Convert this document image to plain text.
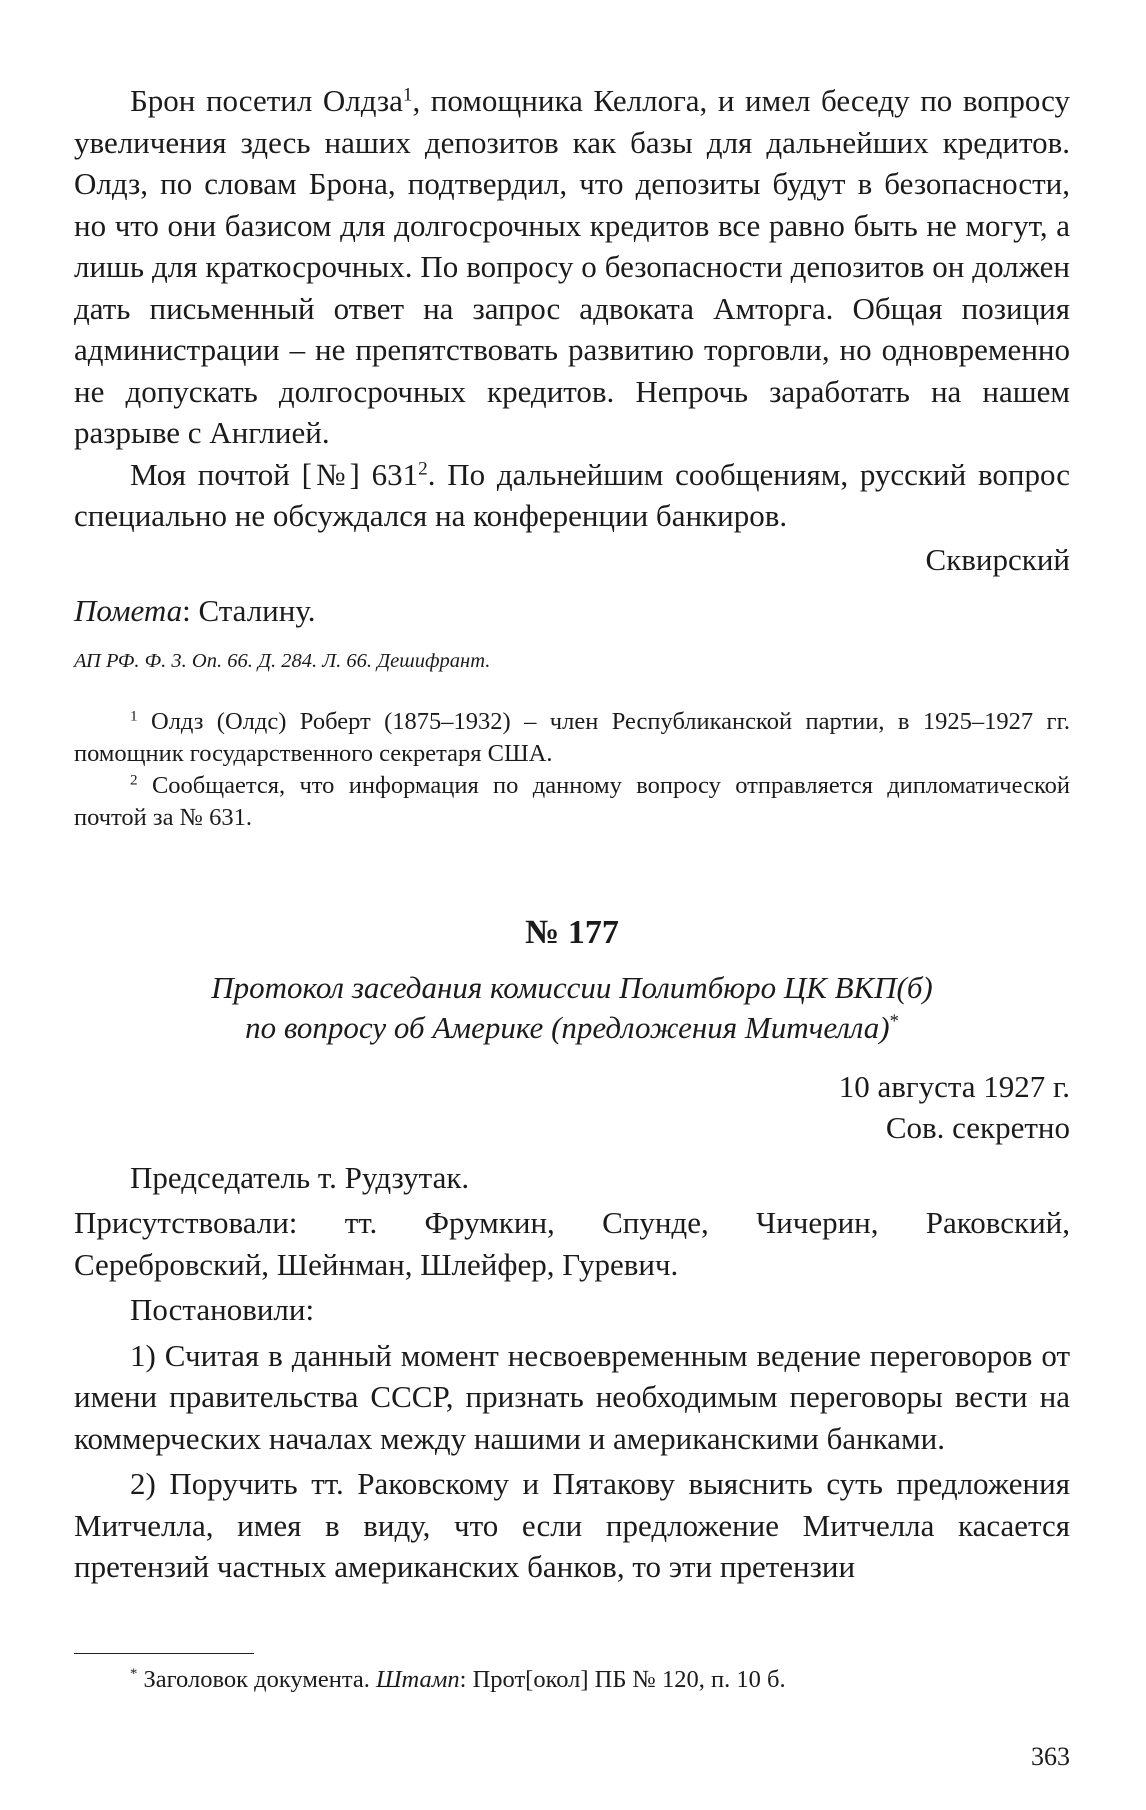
Брон посетил Олдза$^1$, помощника Келлога, и имел беседу по вопросу увеличения здесь наших депозитов как базы для дальнейших кредитов. Олдз, по словам Брона, подтвердил, что депозиты будут в безопасности, но что они базисом для долгосрочных кредитов все равно быть не могут, а лишь для краткосрочных. По вопросу о безопасности депозитов он должен дать письменный ответ на запрос адвоката Амторга. Общая позиция администрации – не препятствовать развитию торговли, но одновременно не допускать долгосрочных кредитов. Непрочь заработать на нашем разрыве с Англией.

Моя почтой [№] $631^2$. По дальнейшим сообщениям, русский вопрос специально не обсуждался на конференции банкиров.

Сквирский

Помета: Сталину.

АП РФ. Ф. 3. Оп. 66. Д. 284. Л. 66. Дешифрант.

$^1$ Олдз (Олдс) Роберт (1875–1932) – член Республиканской партии, в 1925–1927 гг. помощник государственного секретаря США.

$^2$ Сообщается, что информация по данному вопросу отправляется дипломатической почтой за № 631.

№ 177

Протокол заседания комиссии Политбюро ЦК ВКП(б)
по вопросу об Америке (предложения Митчелла)*

10 августа 1927 г.

Сов. секретно

Председатель т. Рудзутак.

Присутствовали: тт. Фрумкин, Спунде, Чичерин, Раковский, Серебровский, Шейнман, Шлейфер, Гуревич.

Постановили:

1) Считая в данный момент несвоевременным ведение переговоров от имени правительства СССР, признать необходимым переговоры вести на коммерческих началах между нашими и американскими банками.

2) Поручить тт. Раковскому и Пятакову выяснить суть предложения Митчелла, имея в виду, что если предложение Митчелла касается претензий частных американских банков, то эти претензии

* Заголовок документа. Штамп: Прот[окол] ПБ № 120, п. 10 б.
363
